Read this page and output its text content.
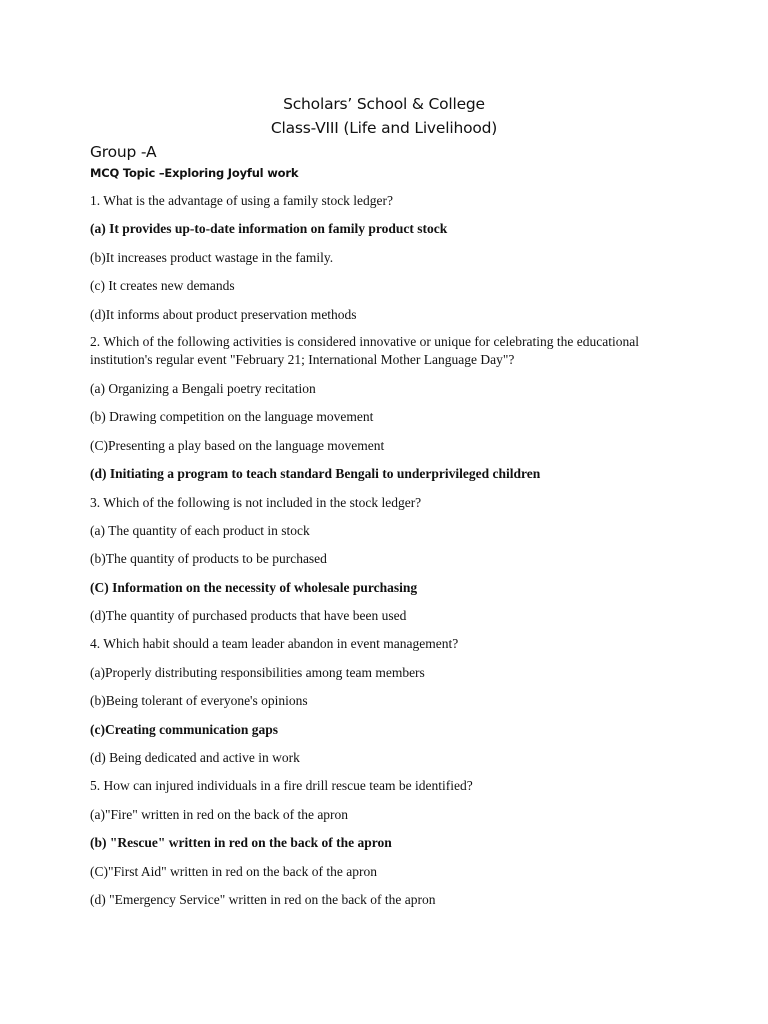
Scholars’ School & College
Class-VIII (Life and Livelihood)
Group -A
MCQ Topic –Exploring Joyful work
1. What is the advantage of using a family stock ledger?
(a) It provides up-to-date information on family product stock
(b)It increases product wastage in the family.
(c) It creates new demands
(d)It informs about product preservation methods
2. Which of the following activities is considered innovative or unique for celebrating the educational institution's regular event "February 21; International Mother Language Day"?
(a) Organizing a Bengali poetry recitation
(b) Drawing competition on the language movement
(C)Presenting a play based on the language movement
(d) Initiating a program to teach standard Bengali to underprivileged children
3. Which of the following is not included in the stock ledger?
(a) The quantity of each product in stock
(b)The quantity of products to be purchased
(C) Information on the necessity of wholesale purchasing
(d)The quantity of purchased products that have been used
4. Which habit should a team leader abandon in event management?
(a)Properly distributing responsibilities among team members
(b)Being tolerant of everyone's opinions
(c)Creating communication gaps
(d) Being dedicated and active in work
5. How can injured individuals in a fire drill rescue team be identified?
(a)"Fire" written in red on the back of the apron
(b) "Rescue" written in red on the back of the apron
(C)"First Aid" written in red on the back of the apron
(d) "Emergency Service" written in red on the back of the apron
